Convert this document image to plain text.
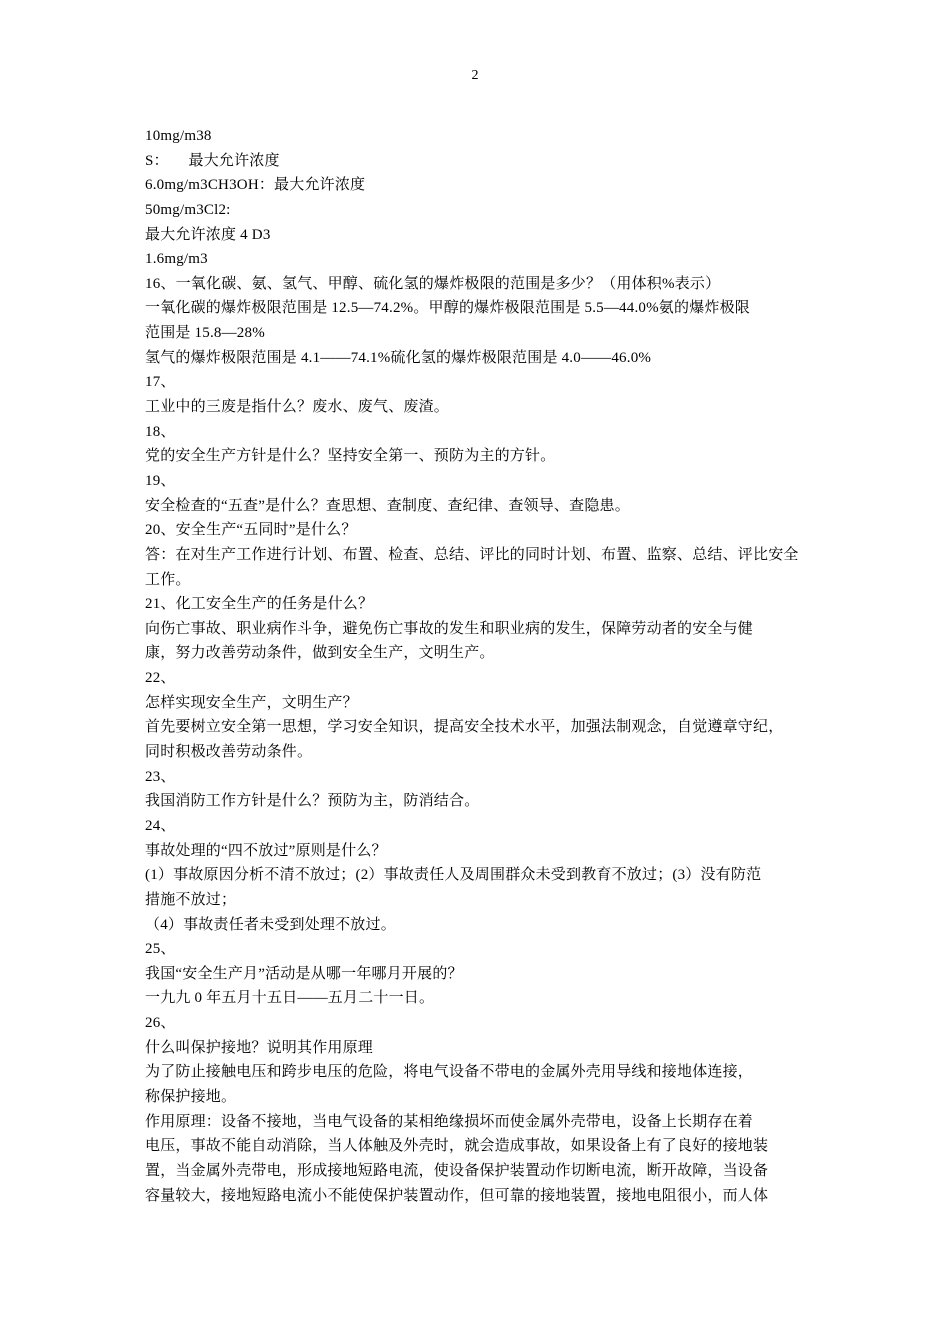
2
10mg/m38
S：     最大允许浓度
6.0mg/m3CH3OH：最大允许浓度
50mg/m3Cl2:
最大允许浓度 4 D3
1.6mg/m3
16、一氧化碳、氨、氢气、甲醇、硫化氢的爆炸极限的范围是多少？（用体积%表示）
一氧化碳的爆炸极限范围是 12.5—74.2%。甲醇的爆炸极限范围是 5.5—44.0%氨的爆炸极限
范围是 15.8—28%
氢气的爆炸极限范围是 4.1——74.1%硫化氢的爆炸极限范围是 4.0——46.0%
17、
工业中的三废是指什么？废水、废气、废渣。
18、
党的安全生产方针是什么？坚持安全第一、预防为主的方针。
19、
安全检查的“五查”是什么？查思想、查制度、查纪律、查领导、查隐患。
20、安全生产“五同时”是什么？
答：在对生产工作进行计划、布置、检查、总结、评比的同时计划、布置、监察、总结、评比安全
工作。
21、化工安全生产的任务是什么？
向伤亡事故、职业病作斗争，避免伤亡事故的发生和职业病的发生，保障劳动者的安全与健
康，努力改善劳动条件，做到安全生产，文明生产。
22、
怎样实现安全生产，文明生产？
首先要树立安全第一思想，学习安全知识，提高安全技术水平，加强法制观念，自觉遵章守纪，
同时积极改善劳动条件。
23、
我国消防工作方针是什么？预防为主，防消结合。
24、
事故处理的“四不放过”原则是什么？
(1）事故原因分析不清不放过；(2）事故责任人及周围群众未受到教育不放过；(3）没有防范
措施不放过；
（4）事故责任者未受到处理不放过。
25、
我国“安全生产月”活动是从哪一年哪月开展的？
一九九 0 年五月十五日——五月二十一日。
26、
什么叫保护接地？说明其作用原理
为了防止接触电压和跨步电压的危险，将电气设备不带电的金属外壳用导线和接地体连接，
称保护接地。
作用原理：设备不接地，当电气设备的某相绝缘损坏而使金属外壳带电，设备上长期存在着
电压，事故不能自动消除，当人体触及外壳时，就会造成事故，如果设备上有了良好的接地装
置，当金属外壳带电，形成接地短路电流，使设备保护装置动作切断电流，断开故障，当设备
容量较大，接地短路电流小不能使保护装置动作，但可靠的接地装置，接地电阻很小，而人体
